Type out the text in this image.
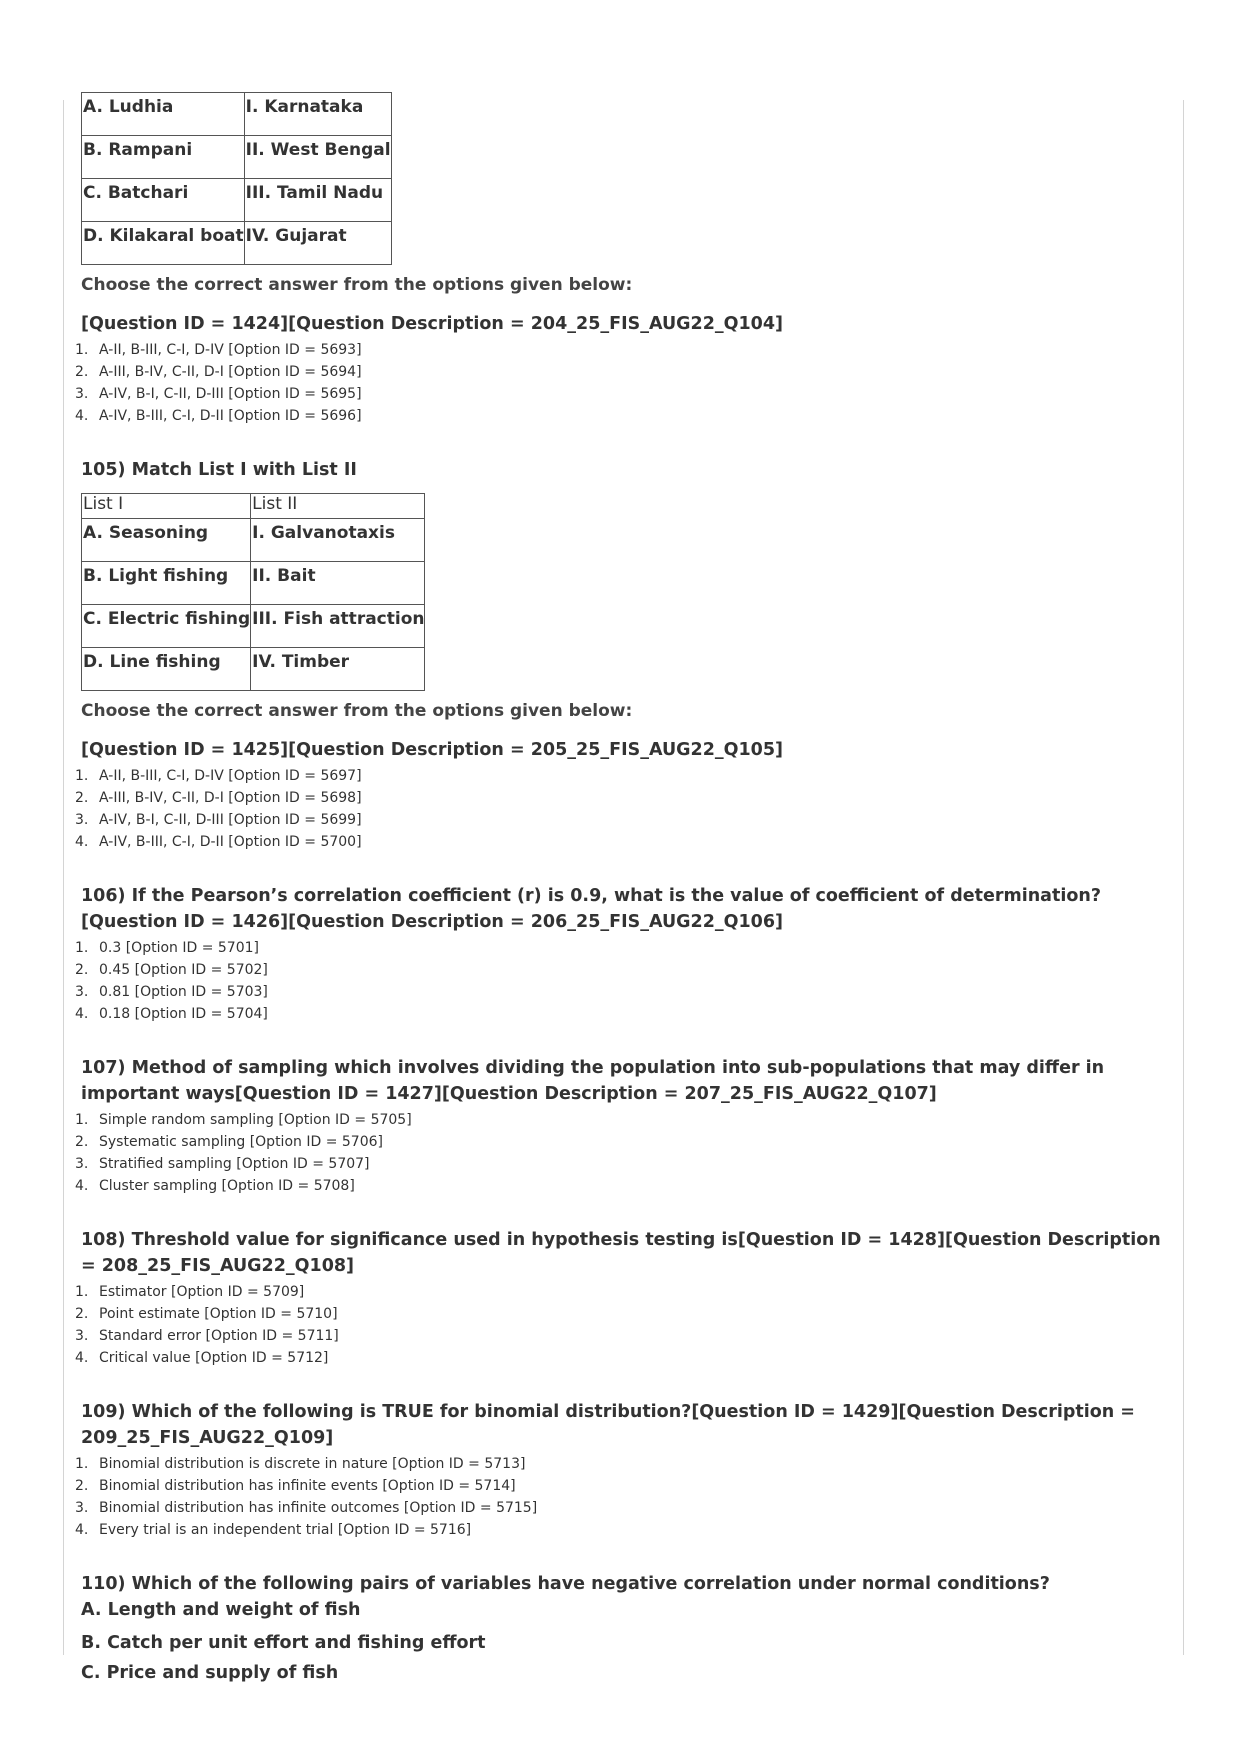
A. Ludhia	I. Karnataka
B. Rampani	II. West Bengal
C. Batchari	III. Tamil Nadu
D. Kilakaral boat	IV. Gujarat
Choose the correct answer from the options given below:
[Question ID = 1424][Question Description = 204_25_FIS_AUG22_Q104]
1. A-II, B-III, C-I, D-IV [Option ID = 5693]
2. A-III, B-IV, C-II, D-I [Option ID = 5694]
3. A-IV, B-I, C-II, D-III [Option ID = 5695]
4. A-IV, B-III, C-I, D-II [Option ID = 5696]
105) Match List I with List II
List I	List II
A. Seasoning	I. Galvanotaxis
B. Light fishing	II. Bait
C. Electric fishing	III. Fish attraction
D. Line fishing	IV. Timber
Choose the correct answer from the options given below:
[Question ID = 1425][Question Description = 205_25_FIS_AUG22_Q105]
1. A-II, B-III, C-I, D-IV [Option ID = 5697]
2. A-III, B-IV, C-II, D-I [Option ID = 5698]
3. A-IV, B-I, C-II, D-III [Option ID = 5699]
4. A-IV, B-III, C-I, D-II [Option ID = 5700]
106) If the Pearson’s correlation coefficient (r) is 0.9, what is the value of coefficient of determination?[Question ID = 1426][Question Description = 206_25_FIS_AUG22_Q106]
1. 0.3 [Option ID = 5701]
2. 0.45 [Option ID = 5702]
3. 0.81 [Option ID = 5703]
4. 0.18 [Option ID = 5704]
107) Method of sampling which involves dividing the population into sub-populations that may differ in important ways[Question ID = 1427][Question Description = 207_25_FIS_AUG22_Q107]
1. Simple random sampling [Option ID = 5705]
2. Systematic sampling [Option ID = 5706]
3. Stratified sampling [Option ID = 5707]
4. Cluster sampling [Option ID = 5708]
108) Threshold value for significance used in hypothesis testing is[Question ID = 1428][Question Description = 208_25_FIS_AUG22_Q108]
1. Estimator [Option ID = 5709]
2. Point estimate [Option ID = 5710]
3. Standard error [Option ID = 5711]
4. Critical value [Option ID = 5712]
109) Which of the following is TRUE for binomial distribution?[Question ID = 1429][Question Description = 209_25_FIS_AUG22_Q109]
1. Binomial distribution is discrete in nature [Option ID = 5713]
2. Binomial distribution has infinite events [Option ID = 5714]
3. Binomial distribution has infinite outcomes [Option ID = 5715]
4. Every trial is an independent trial [Option ID = 5716]
110) Which of the following pairs of variables have negative correlation under normal conditions?
A. Length and weight of fish
B. Catch per unit effort and fishing effort
C. Price and supply of fish
